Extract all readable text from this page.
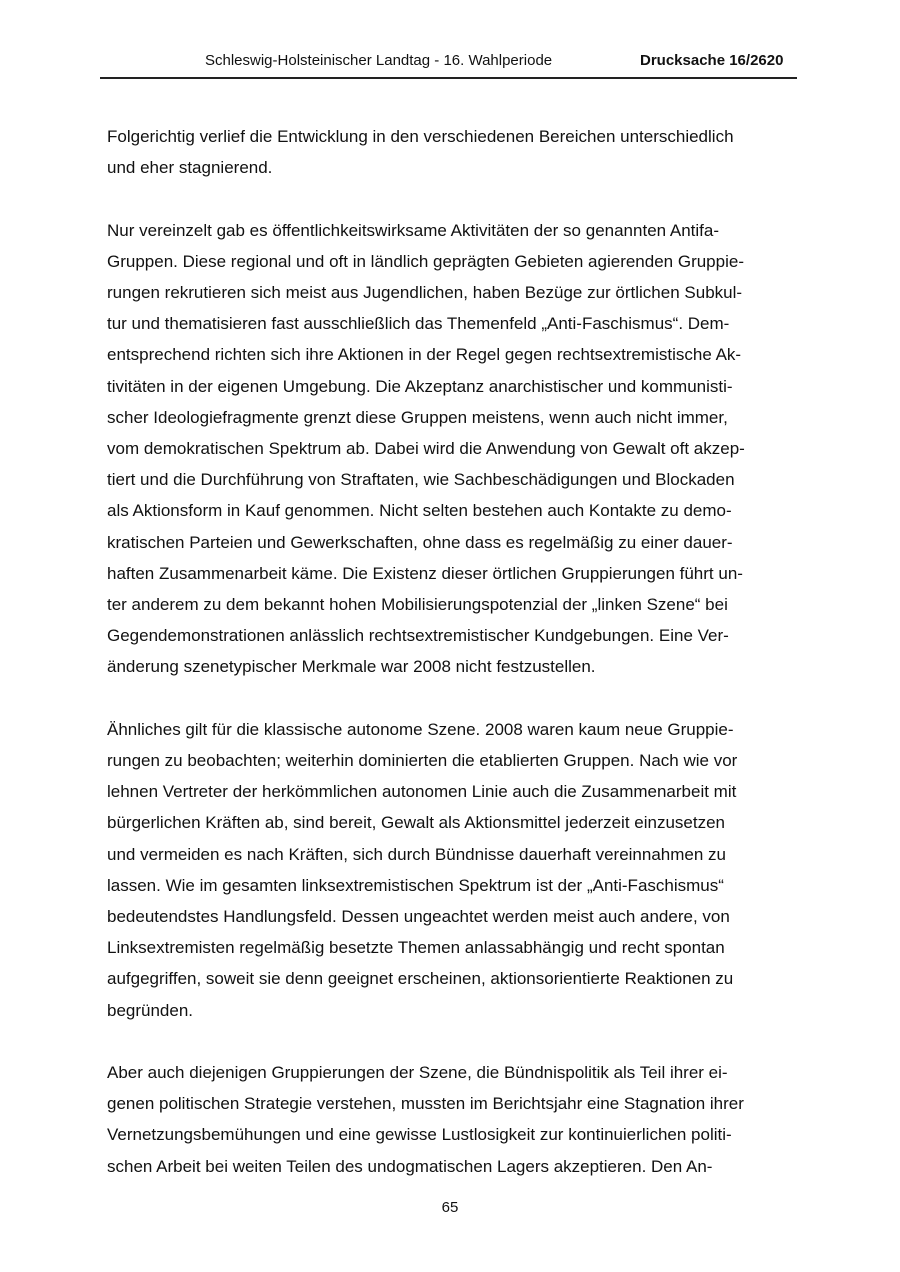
Schleswig-Holsteinischer Landtag - 16. Wahlperiode	Drucksache 16/2620
Folgerichtig verlief die Entwicklung in den verschiedenen Bereichen unterschiedlich
und eher stagnierend.
Nur vereinzelt gab es öffentlichkeitswirksame Aktivitäten der so genannten Antifa-
Gruppen. Diese regional und oft in ländlich geprägten Gebieten agierenden Gruppie-
rungen rekrutieren sich meist aus Jugendlichen, haben Bezüge zur örtlichen Subkul-
tur und thematisieren fast ausschließlich das Themenfeld „Anti-Faschismus“. Dem-
entsprechend richten sich ihre Aktionen in der Regel gegen rechtsextremistische Ak-
tivitäten in der eigenen Umgebung. Die Akzeptanz anarchistischer und kommunisti-
scher Ideologiefragmente grenzt diese Gruppen meistens, wenn auch nicht immer,
vom demokratischen Spektrum ab. Dabei wird die Anwendung von Gewalt oft akzep-
tiert und die Durchführung von Straftaten, wie Sachbeschädigungen und Blockaden
als Aktionsform in Kauf genommen. Nicht selten bestehen auch Kontakte zu demo-
kratischen Parteien und Gewerkschaften, ohne dass es regelmäßig zu einer dauer-
haften Zusammenarbeit käme. Die Existenz dieser örtlichen Gruppierungen führt un-
ter anderem zu dem bekannt hohen Mobilisierungspotenzial der „linken Szene“ bei
Gegendemonstrationen anlässlich rechtsextremistischer Kundgebungen. Eine Ver-
änderung szenetypischer Merkmale war 2008 nicht festzustellen.
Ähnliches gilt für die klassische autonome Szene. 2008 waren kaum neue Gruppie-
rungen zu beobachten; weiterhin dominierten die etablierten Gruppen. Nach wie vor
lehnen Vertreter der herkömmlichen autonomen Linie auch die Zusammenarbeit mit
bürgerlichen Kräften ab, sind bereit, Gewalt als Aktionsmittel jederzeit einzusetzen
und vermeiden es nach Kräften, sich durch Bündnisse dauerhaft vereinnahmen zu
lassen. Wie im gesamten linksextremistischen Spektrum ist der „Anti-Faschismus“
bedeutendstes Handlungsfeld. Dessen ungeachtet werden meist auch andere, von
Linksextremisten regelmäßig besetzte Themen anlassabhängig und recht spontan
aufgegriffen, soweit sie denn geeignet erscheinen, aktionsorientierte Reaktionen zu
begründen.
Aber auch diejenigen Gruppierungen der Szene, die Bündnispolitik als Teil ihrer ei-
genen politischen Strategie verstehen, mussten im Berichtsjahr eine Stagnation ihrer
Vernetzungsbemühungen und eine gewisse Lustlosigkeit zur kontinuierlichen politi-
schen Arbeit bei weiten Teilen des undogmatischen Lagers akzeptieren. Den An-
65
